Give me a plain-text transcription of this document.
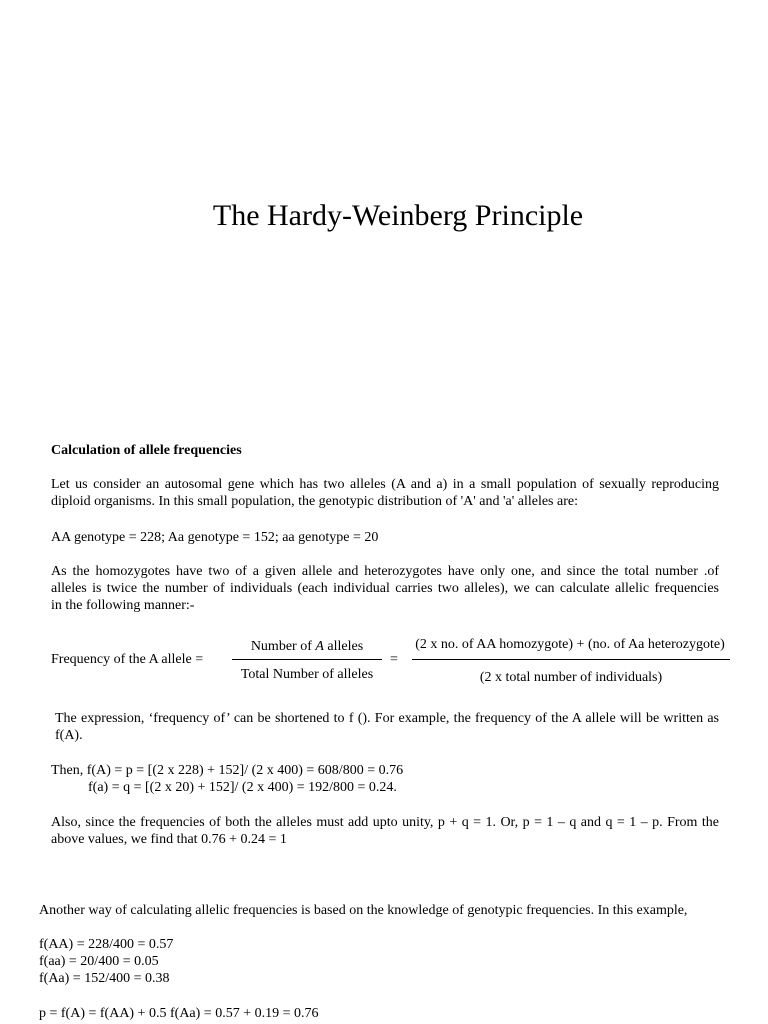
The Hardy-Weinberg Principle
Calculation of allele frequencies
Let us consider an autosomal gene which has two alleles (A and a) in a small population of sexually reproducing
diploid organisms. In this small population, the genotypic distribution of 'A' and 'a' alleles are:
AA genotype = 228; Aa genotype = 152; aa genotype = 20
As the homozygotes have two of a given allele and heterozygotes have only one, and since the total number .of
alleles is twice the number of individuals (each individual carries two alleles), we can calculate allelic frequencies
in the following manner:-
Frequency of the A allele =
Number of A alleles
Total Number of alleles
=
(2 x no. of AA homozygote) + (no. of Aa heterozygote)
(2 x total number of individuals)
The expression, ‘frequency of’ can be shortened to f (). For example, the frequency of the A allele will be written as
f(A).
Then, f(A) = p = [(2 x 228) + 152]/ (2 x 400) = 608/800 = 0.76
f(a) = q = [(2 x 20) + 152]/ (2 x 400) = 192/800 = 0.24.
Also, since the frequencies of both the alleles must add upto unity, p + q = 1. Or, p = 1 – q and q = 1 – p. From the
above values, we find that 0.76 + 0.24 = 1
Another way of calculating allelic frequencies is based on the knowledge of genotypic frequencies. In this example,
f(AA) = 228/400 = 0.57
f(aa) = 20/400 = 0.05
f(Aa) = 152/400 = 0.38
p = f(A) = f(AA) + 0.5 f(Aa) = 0.57 + 0.19 = 0.76
